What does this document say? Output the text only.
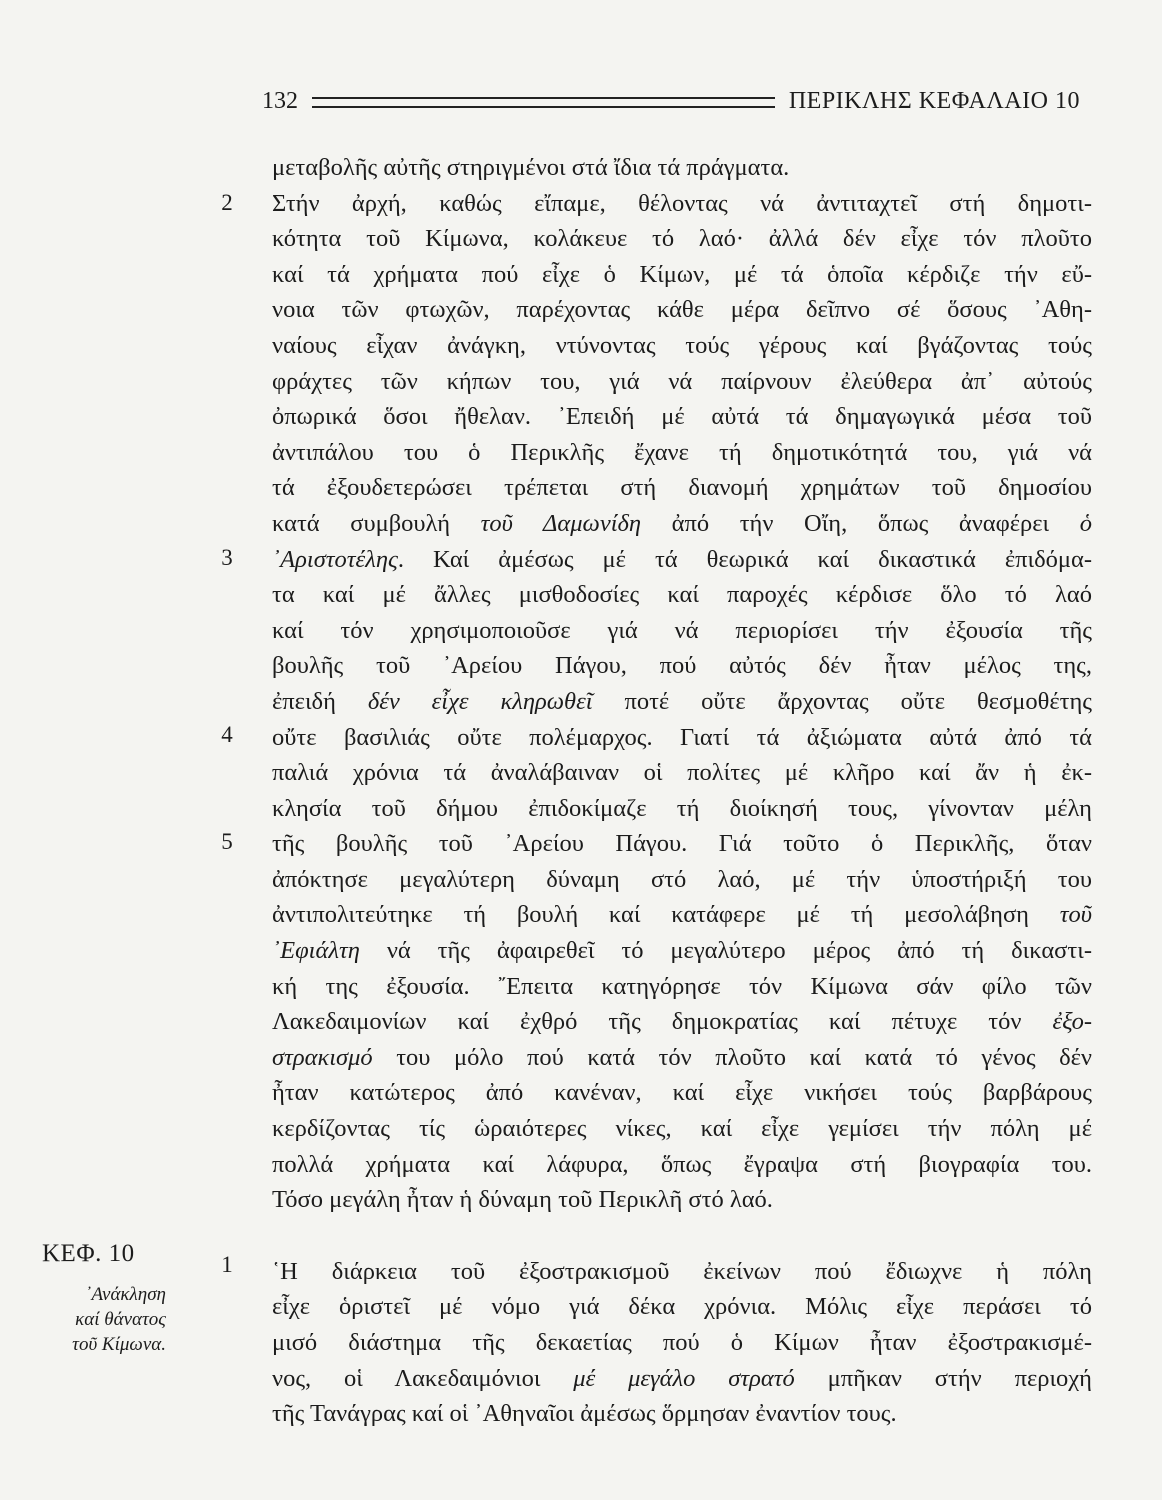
132	ΠΕΡΙΚΛΗΣ ΚΕΦΑΛΑΙΟ 10
2
3
4
5
1
ΚΕΦ. 10
᾿Ανάκληση
καί θάνατος
τοῦ Κίμωνα.
μεταβολῆς αὐτῆς στηριγμένοι στά ἴδια τά πράγματα.
Στήν ἀρχή, καθώς εἴπαμε, θέλοντας νά ἀντιταχτεῖ στή δημοτι-
κότητα τοῦ Κίμωνα, κολάκευε τό λαό· ἀλλά δέν εἶχε τόν πλοῦτο
καί τά χρήματα πού εἶχε ὁ Κίμων, μέ τά ὁποῖα κέρδιζε τήν εὔ-
νοια τῶν φτωχῶν, παρέχοντας κάθε μέρα δεῖπνο σέ ὅσους ᾿Αθη-
ναίους εἶχαν ἀνάγκη, ντύνοντας τούς γέρους καί βγάζοντας τούς
φράχτες τῶν κήπων του, γιά νά παίρνουν ἐλεύθερα ἀπ᾿ αὐτούς
ὀπωρικά ὅσοι ἤθελαν. ᾿Επειδή μέ αὐτά τά δημαγωγικά μέσα τοῦ
ἀντιπάλου του ὁ Περικλῆς ἔχανε τή δημοτικότητά του, γιά νά
τά ἐξουδετερώσει τρέπεται στή διανομή χρημάτων τοῦ δημοσίου
κατά συμβουλή τοῦ Δαμωνίδη ἀπό τήν Οἴη, ὅπως ἀναφέρει ὁ
᾿Αριστοτέλης. Καί ἀμέσως μέ τά θεωρικά καί δικαστικά ἐπιδόμα-
τα καί μέ ἄλλες μισθοδοσίες καί παροχές κέρδισε ὅλο τό λαό
καί τόν χρησιμοποιοῦσε γιά νά περιορίσει τήν ἐξουσία τῆς
βουλῆς τοῦ ᾿Αρείου Πάγου, πού αὐτός δέν ἦταν μέλος της,
ἐπειδή δέν εἶχε κληρωθεῖ ποτέ οὔτε ἄρχοντας οὔτε θεσμοθέτης
οὔτε βασιλιάς οὔτε πολέμαρχος. Γιατί τά ἀξιώματα αὐτά ἀπό τά
παλιά χρόνια τά ἀναλάβαιναν οἱ πολίτες μέ κλῆρο καί ἄν ἡ ἐκ-
κλησία τοῦ δήμου ἐπιδοκίμαζε τή διοίκησή τους, γίνονταν μέλη
τῆς βουλῆς τοῦ ᾿Αρείου Πάγου. Γιά τοῦτο ὁ Περικλῆς, ὅταν
ἀπόκτησε μεγαλύτερη δύναμη στό λαό, μέ τήν ὑποστήριξή του
ἀντιπολιτεύτηκε τή βουλή καί κατάφερε μέ τή μεσολάβηση τοῦ
᾿Εφιάλτη νά τῆς ἀφαιρεθεῖ τό μεγαλύτερο μέρος ἀπό τή δικαστι-
κή της ἐξουσία. ῎Επειτα κατηγόρησε τόν Κίμωνα σάν φίλο τῶν
Λακεδαιμονίων καί ἐχθρό τῆς δημοκρατίας καί πέτυχε τόν ἐξο-
στρακισμό του μόλο πού κατά τόν πλοῦτο καί κατά τό γένος δέν
ἦταν κατώτερος ἀπό κανέναν, καί εἶχε νικήσει τούς βαρβάρους
κερδίζοντας τίς ὡραιότερες νίκες, καί εἶχε γεμίσει τήν πόλη μέ
πολλά χρήματα καί λάφυρα, ὅπως ἔγραψα στή βιογραφία του.
Τόσο μεγάλη ἦταν ἡ δύναμη τοῦ Περικλῆ στό λαό.
῾Η διάρκεια τοῦ ἐξοστρακισμοῦ ἐκείνων πού ἔδιωχνε ἡ πόλη
εἶχε ὁριστεῖ μέ νόμο γιά δέκα χρόνια. Μόλις εἶχε περάσει τό
μισό διάστημα τῆς δεκαετίας πού ὁ Κίμων ἦταν ἐξοστρακισμέ-
νος, οἱ Λακεδαιμόνιοι μέ μεγάλο στρατό μπῆκαν στήν περιοχή
τῆς Τανάγρας καί οἱ ᾿Αθηναῖοι ἀμέσως ὅρμησαν ἐναντίον τους.
